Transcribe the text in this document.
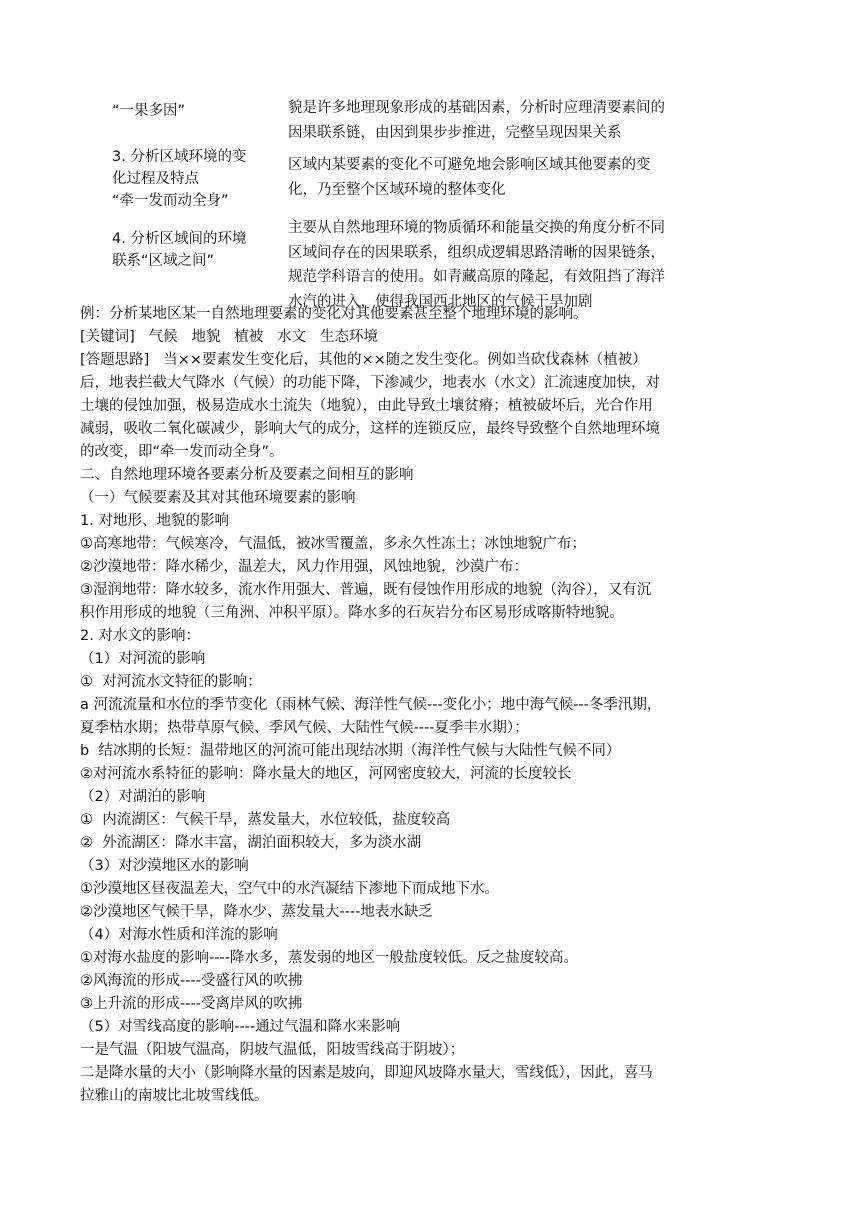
“一果多因”	貌是许多地理现象形成的基础因素，分析时应理清要素间的
因果联系链，由因到果步步推进，完整呈现因果关系
3. 分析区域环境的变
化过程及特点
“牵一发而动全身”
区域内某要素的变化不可避免地会影响区域其他要素的变
化，乃至整个区域环境的整体变化
4. 分析区域间的环境
联系“区域之间”
主要从自然地理环境的物质循环和能量交换的角度分析不同
区域间存在的因果联系，组织成逻辑思路清晰的因果链条，
规范学科语言的使用。如青藏高原的隆起，有效阻挡了海洋
水汽的进入，使得我国西北地区的气候干旱加剧
例：分析某地区某一自然地理要素的变化对其他要素甚至整个地理环境的影响。
[关键词]   气候   地貌   植被   水文   生态环境
[答题思路]   当××要素发生变化后，其他的××随之发生变化。例如当砍伐森林（植被）
后，地表拦截大气降水（气候）的功能下降，下渗减少，地表水（水文）汇流速度加快，对
土壤的侵蚀加强，极易造成水土流失（地貌），由此导致土壤贫瘠；植被破坏后，光合作用
减弱，吸收二氧化碳减少，影响大气的成分，这样的连锁反应，最终导致整个自然地理环境
的改变，即“牵一发而动全身”。
二、自然地理环境各要素分析及要素之间相互的影响
（一）气候要素及其对其他环境要素的影响
1. 对地形、地貌的影响
①高寒地带：气候寒冷，气温低，被冰雪覆盖，多永久性冻土；冰蚀地貌广布；
②沙漠地带：降水稀少，温差大，风力作用强，风蚀地貌，沙漠广布：
③湿润地带：降水较多，流水作用强大、普遍，既有侵蚀作用形成的地貌（沟谷），又有沉
积作用形成的地貌（三角洲、冲积平原）。降水多的石灰岩分布区易形成喀斯特地貌。
2. 对水文的影响：
（1）对河流的影响
①  对河流水文特征的影响：
a 河流流量和水位的季节变化（雨林气候、海洋性气候---变化小；地中海气候---冬季汛期，
夏季枯水期；热带草原气候、季风气候、大陆性气候----夏季丰水期）；
b  结冰期的长短：温带地区的河流可能出现结冰期（海洋性气候与大陆性气候不同）
②对河流水系特征的影响：降水量大的地区，河网密度较大，河流的长度较长
（2）对湖泊的影响
①  内流湖区：气候干旱，蒸发量大，水位较低，盐度较高
②  外流湖区：降水丰富，湖泊面积较大，多为淡水湖
（3）对沙漠地区水的影响
①沙漠地区昼夜温差大，空气中的水汽凝结下渗地下而成地下水。
②沙漠地区气候干旱，降水少、蒸发量大----地表水缺乏
（4）对海水性质和洋流的影响
①对海水盐度的影响----降水多，蒸发弱的地区一般盐度较低。反之盐度较高。
②风海流的形成----受盛行风的吹拂
③上升流的形成----受离岸风的吹拂
（5）对雪线高度的影响----通过气温和降水来影响
一是气温（阳坡气温高，阴坡气温低，阳坡雪线高于阴坡）；
二是降水量的大小（影响降水量的因素是坡向，即迎风坡降水量大，雪线低），因此，喜马
拉雅山的南坡比北坡雪线低。
